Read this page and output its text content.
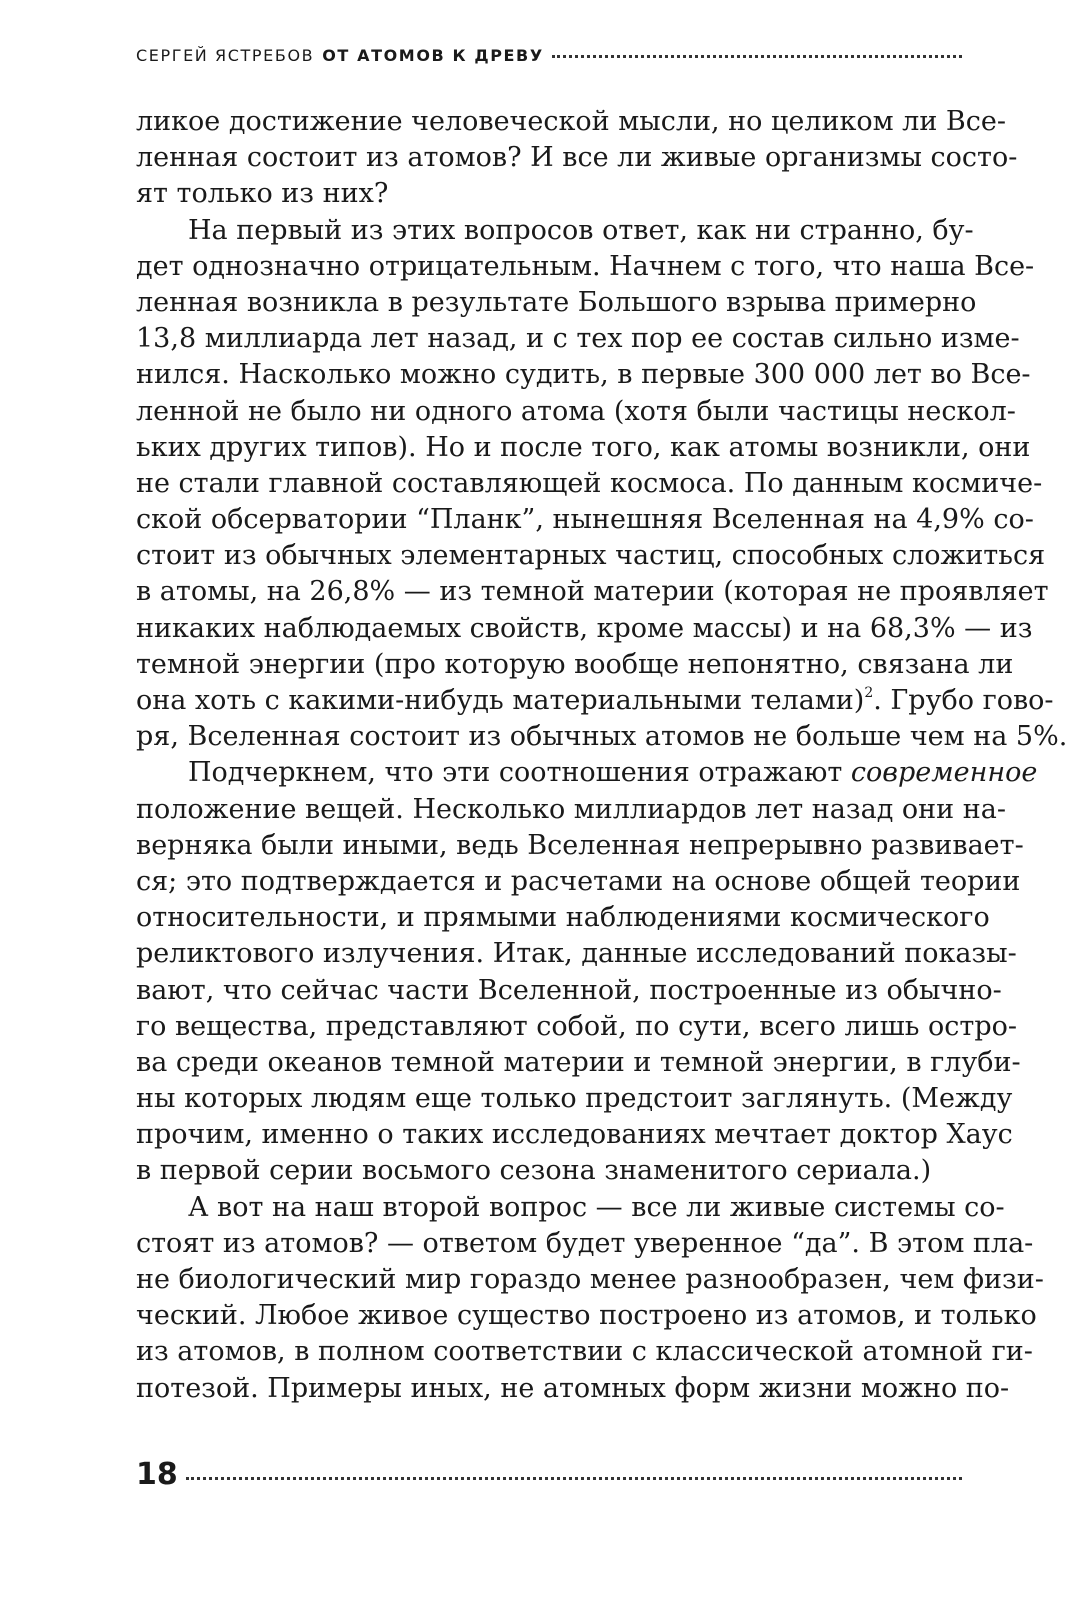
СЕРГЕЙ ЯСТРЕБОВ ОТ АТОМОВ К ДРЕВУ
ликое достижение человеческой мысли, но целиком ли Все-
ленная состоит из атомов? И все ли живые организмы состо-
ят только из них?
На первый из этих вопросов ответ, как ни странно, бу-
дет однозначно отрицательным. Начнем с того, что наша Все-
ленная возникла в результате Большого взрыва примерно
13,8 миллиарда лет назад, и с тех пор ее состав сильно изме-
нился. Насколько можно судить, в первые 300 000 лет во Все-
ленной не было ни одного атома (хотя были частицы нескол-
ьких других типов). Но и после того, как атомы возникли, они
не стали главной составляющей космоса. По данным космиче-
ской обсерватории “Планк”, нынешняя Вселенная на 4,9% со-
стоит из обычных элементарных частиц, способных сложиться
в атомы, на 26,8% — из темной материи (которая не проявляет
никаких наблюдаемых свойств, кроме массы) и на 68,3% — из
темной энергии (про которую вообще непонятно, связана ли
она хоть с какими-нибудь материальными телами)$^2$. Грубо гово-
ря, Вселенная состоит из обычных атомов не больше чем на 5%.
Подчеркнем, что эти соотношения отражают современное
положение вещей. Несколько миллиардов лет назад они на-
верняка были иными, ведь Вселенная непрерывно развивает-
ся; это подтверждается и расчетами на основе общей теории
относительности, и прямыми наблюдениями космического
реликтового излучения. Итак, данные исследований показы-
вают, что сейчас части Вселенной, построенные из обычно-
го вещества, представляют собой, по сути, всего лишь остро-
ва среди океанов темной материи и темной энергии, в глуби-
ны которых людям еще только предстоит заглянуть. (Между
прочим, именно о таких исследованиях мечтает доктор Хаус
в первой серии восьмого сезона знаменитого сериала.)
А вот на наш второй вопрос — все ли живые системы со-
стоят из атомов? — ответом будет уверенное “да”. В этом пла-
не биологический мир гораздо менее разнообразен, чем физи-
ческий. Любое живое существо построено из атомов, и только
из атомов, в полном соответствии с классической атомной ги-
потезой. Примеры иных, не атомных форм жизни можно по-
18
